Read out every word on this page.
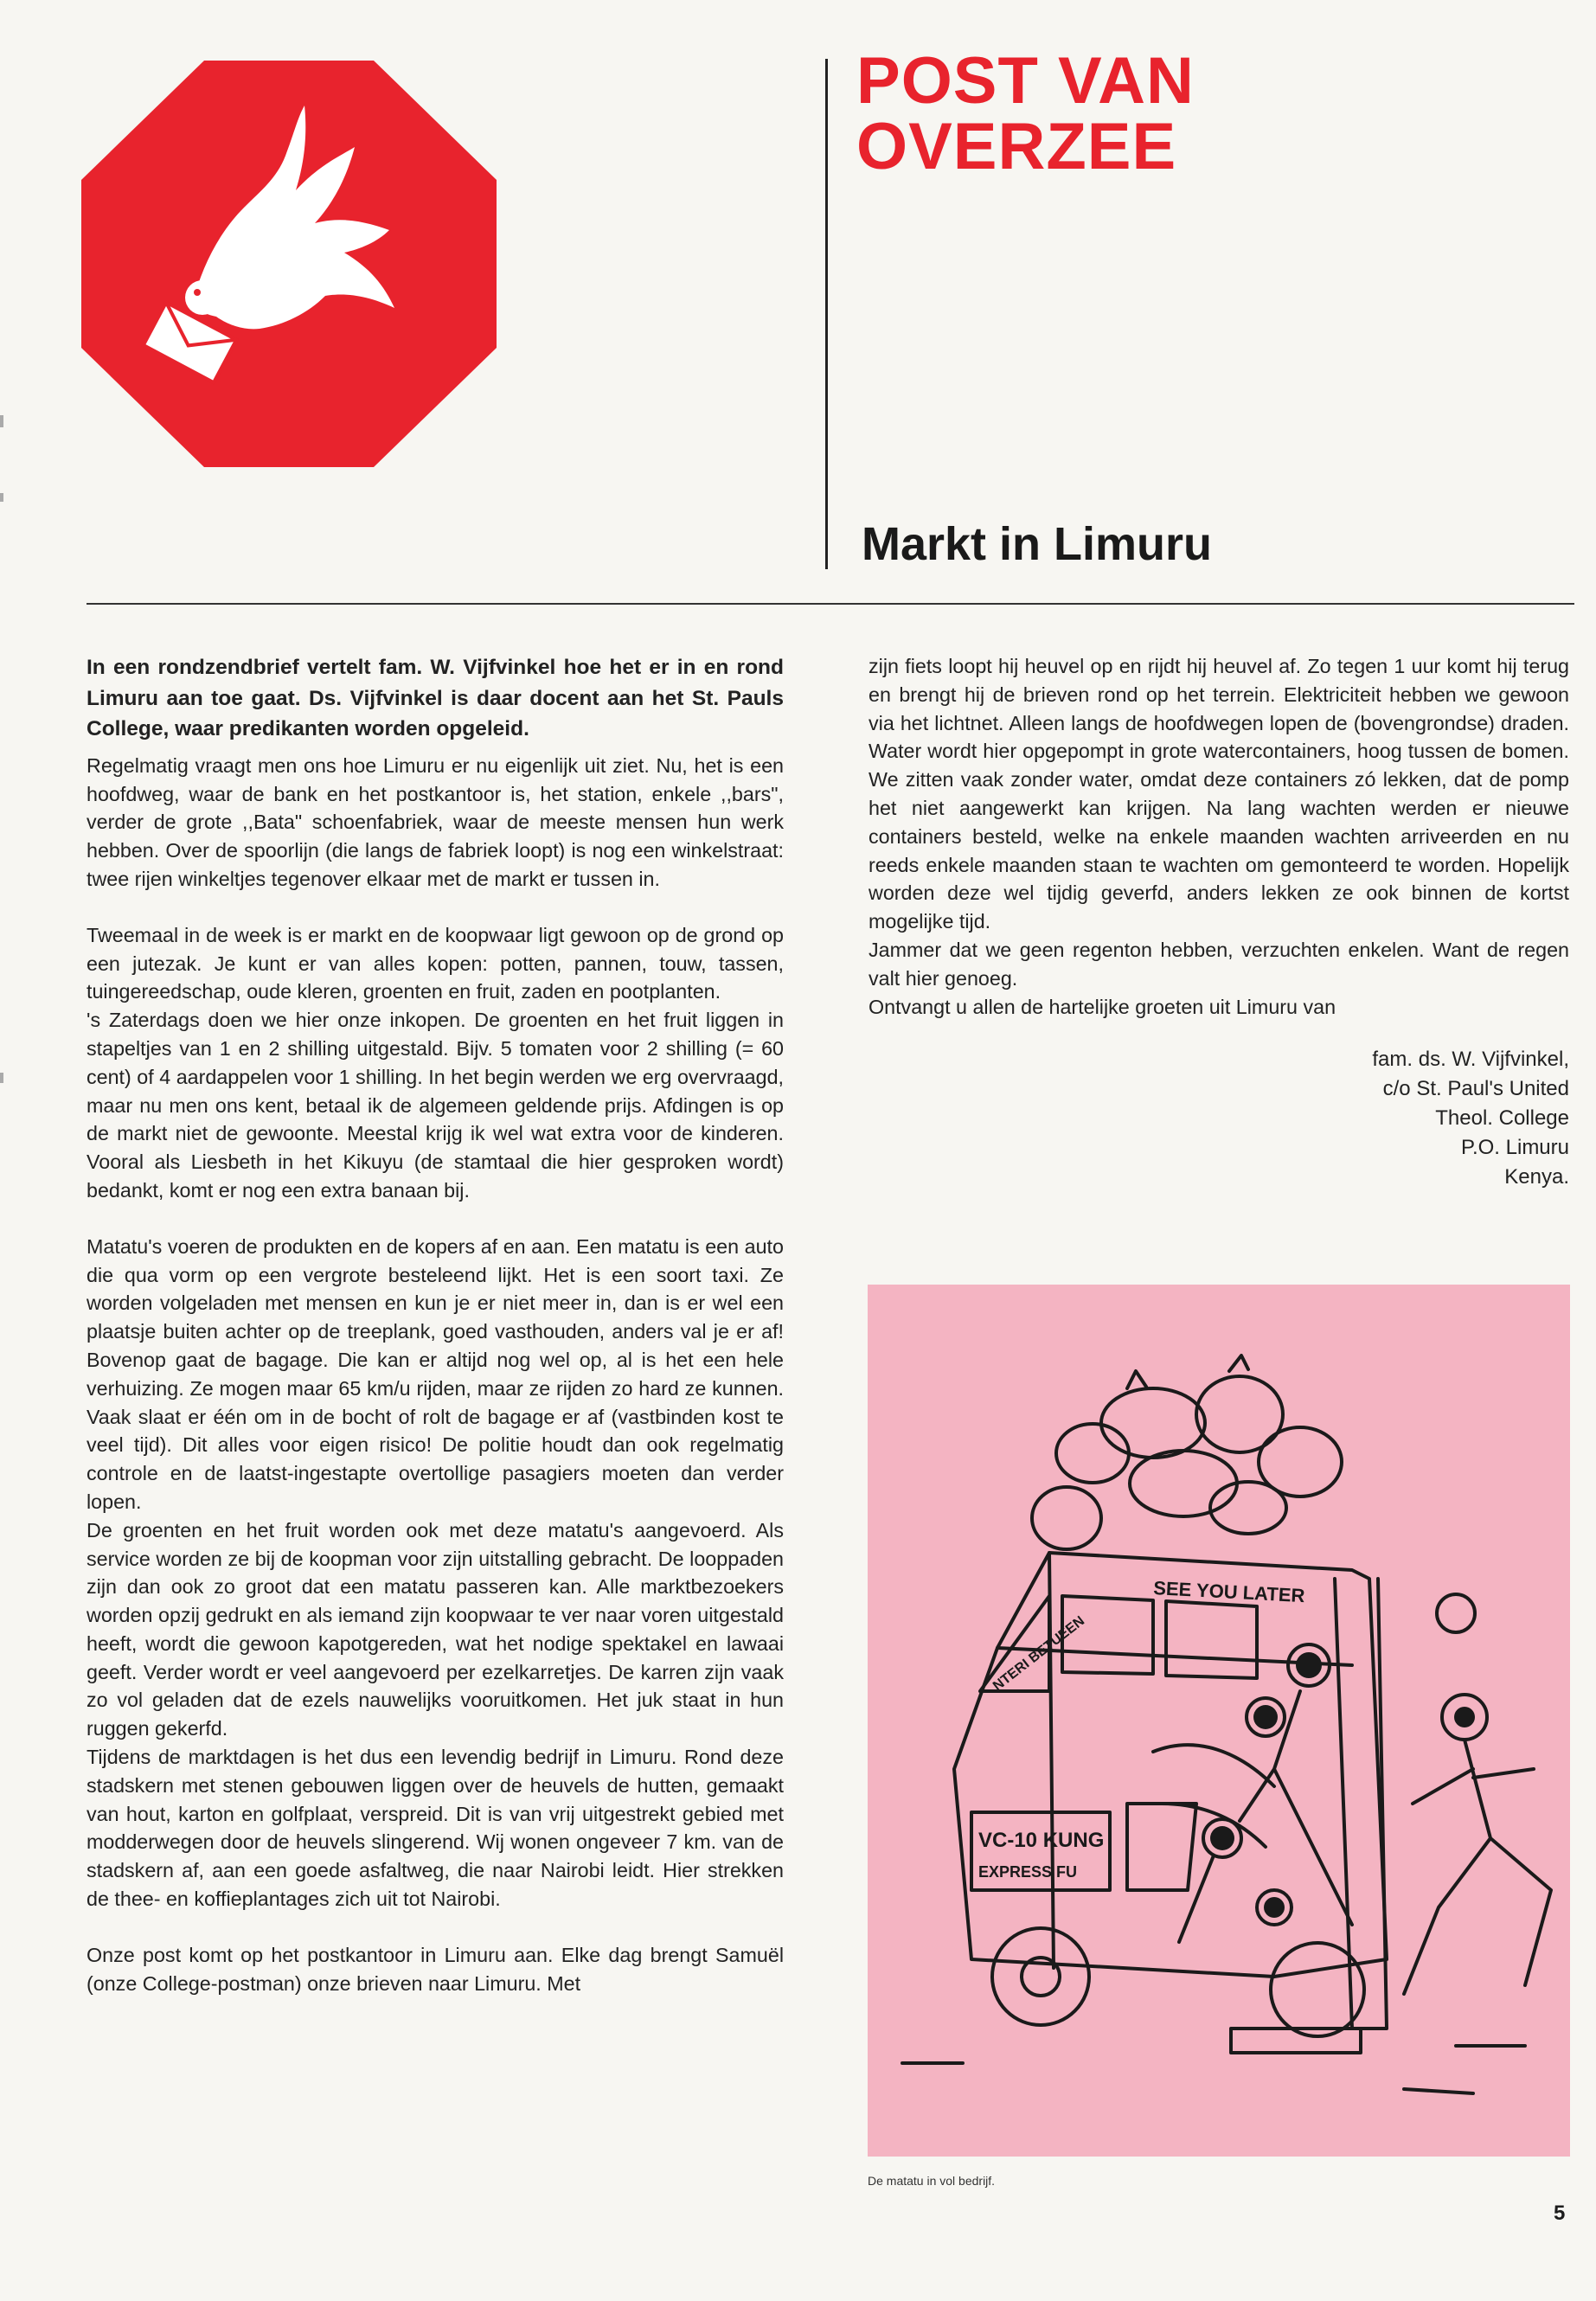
POST VAN
OVERZEE
Markt in Limuru

In een rondzendbrief vertelt fam. W. Vijfvinkel hoe het er in en rond Limuru aan toe gaat. Ds. Vijfvinkel is daar docent aan het St. Pauls College, waar predikanten worden opgeleid.

Regelmatig vraagt men ons hoe Limuru er nu eigenlijk uit ziet. Nu, het is een hoofdweg, waar de bank en het postkantoor is, het station, enkele ,,bars", verder de grote ,,Bata" schoenfabriek, waar de meeste mensen hun werk hebben. Over de spoorlijn (die langs de fabriek loopt) is nog een winkelstraat: twee rijen winkeltjes tegenover elkaar met de markt er tussen in.

Tweemaal in de week is er markt en de koopwaar ligt gewoon op de grond op een jutezak. Je kunt er van alles kopen: potten, pannen, touw, tassen, tuingereedschap, oude kleren, groenten en fruit, zaden en pootplanten.

's Zaterdags doen we hier onze inkopen. De groenten en het fruit liggen in stapeltjes van 1 en 2 shilling uitgestald. Bijv. 5 tomaten voor 2 shilling (= 60 cent) of 4 aardappelen voor 1 shilling. In het begin werden we erg overvraagd, maar nu men ons kent, betaal ik de algemeen geldende prijs. Afdingen is op de markt niet de gewoonte. Meestal krijg ik wel wat extra voor de kinderen. Vooral als Liesbeth in het Kikuyu (de stamtaal die hier gesproken wordt) bedankt, komt er nog een extra banaan bij.

Matatu's voeren de produkten en de kopers af en aan. Een matatu is een auto die qua vorm op een vergrote besteleend lijkt. Het is een soort taxi. Ze worden volgeladen met mensen en kun je er niet meer in, dan is er wel een plaatsje buiten achter op de treeplank, goed vasthouden, anders val je er af! Bovenop gaat de bagage. Die kan er altijd nog wel op, al is het een hele verhuizing. Ze mogen maar 65 km/u rijden, maar ze rijden zo hard ze kunnen. Vaak slaat er één om in de bocht of rolt de bagage er af (vastbinden kost te veel tijd). Dit alles voor eigen risico! De politie houdt dan ook regelmatig controle en de laatst-ingestapte overtollige pasagiers moeten dan verder lopen.

De groenten en het fruit worden ook met deze matatu's aangevoerd. Als service worden ze bij de koopman voor zijn uitstalling gebracht. De looppaden zijn dan ook zo groot dat een matatu passeren kan. Alle marktbezoekers worden opzij gedrukt en als iemand zijn koopwaar te ver naar voren uitgestald heeft, wordt die gewoon kapotgereden, wat het nodige spektakel en lawaai geeft. Verder wordt er veel aangevoerd per ezelkarretjes. De karren zijn vaak zo vol geladen dat de ezels nauwelijks vooruitkomen. Het juk staat in hun ruggen gekerfd.

Tijdens de marktdagen is het dus een levendig bedrijf in Limuru. Rond deze stadskern met stenen gebouwen liggen over de heuvels de hutten, gemaakt van hout, karton en golfplaat, verspreid. Dit is van vrij uitgestrekt gebied met modderwegen door de heuvels slingerend. Wij wonen ongeveer 7 km. van de stadskern af, aan een goede asfaltweg, die naar Nairobi leidt. Hier strekken de thee- en koffieplantages zich uit tot Nairobi.

Onze post komt op het postkantoor in Limuru aan. Elke dag brengt Samuël (onze College-postman) onze brieven naar Limuru. Met

zijn fiets loopt hij heuvel op en rijdt hij heuvel af. Zo tegen 1 uur komt hij terug en brengt hij de brieven rond op het terrein. Elektriciteit hebben we gewoon via het lichtnet. Alleen langs de hoofdwegen lopen de (bovengrondse) draden. Water wordt hier opgepompt in grote watercontainers, hoog tussen de bomen. We zitten vaak zonder water, omdat deze containers zó lekken, dat de pomp het niet aangewerkt kan krijgen. Na lang wachten werden er nieuwe containers besteld, welke na enkele maanden wachten arriveerden en nu reeds enkele maanden staan te wachten om gemonteerd te worden. Hopelijk worden deze wel tijdig geverfd, anders lekken ze ook binnen de kortst mogelijke tijd.

Jammer dat we geen regenton hebben, verzuchten enkelen. Want de regen valt hier genoeg.

Ontvangt u allen de hartelijke groeten uit Limuru van

fam. ds. W. Vijfvinkel,
c/o St. Paul's United
Theol. College
P.O. Limuru
Kenya.
SEE YOU LATER
NTERI BETUEEN
VC-10 KUNG
EXPRESS FU
De matatu in vol bedrijf.
5
